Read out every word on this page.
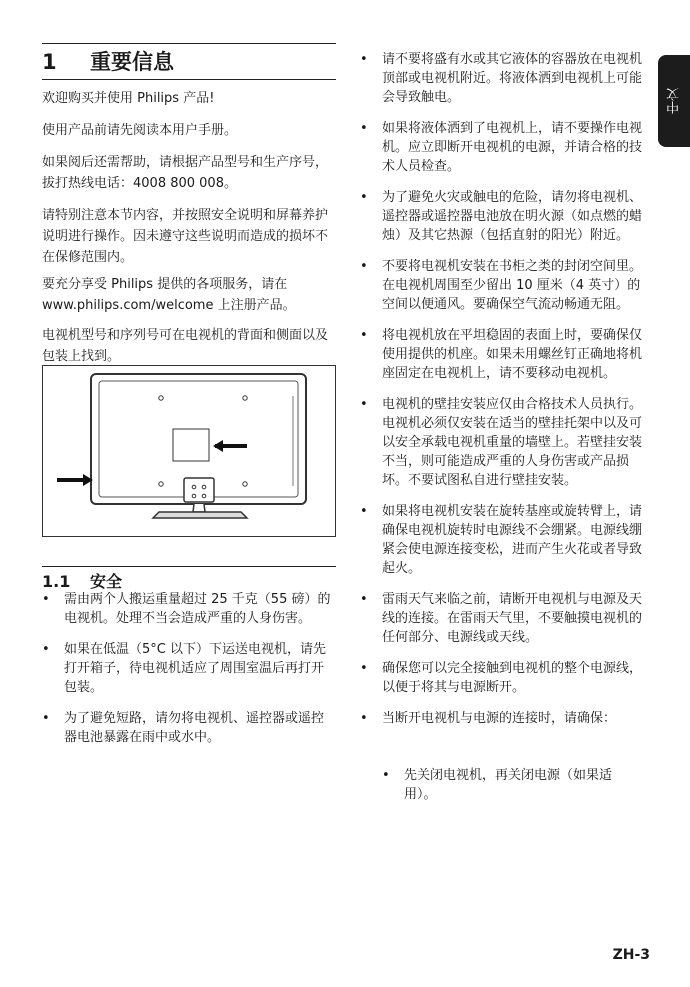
中文
1 重要信息

欢迎购买并使用 Philips 产品!

使用产品前请先阅读本用户手册。

如果阅后还需帮助，请根据产品型号和生产序号，拔打热线电话：4008 800 008。

请特别注意本节内容，并按照安全说明和屏幕养护说明进行操作。因未遵守这些说明而造成的损坏不在保修范围内。

要充分享受 Philips 提供的各项服务，请在 www.philips.com/welcome 上注册产品。

电视机型号和序列号可在电视机的背面和侧面以及包装上找到。

1.1 安全
• 需由两个人搬运重量超过 25 千克（55 磅）的电视机。处理不当会造成严重的人身伤害。
• 如果在低温（5°C 以下）下运送电视机，请先打开箱子，待电视机适应了周围室温后再打开包装。
• 为了避免短路，请勿将电视机、遥控器或遥控器电池暴露在雨中或水中。
• 请不要将盛有水或其它液体的容器放在电视机顶部或电视机附近。将液体洒到电视机上可能会导致触电。
• 如果将液体洒到了电视机上，请不要操作电视机。应立即断开电视机的电源，并请合格的技术人员检查。
• 为了避免火灾或触电的危险，请勿将电视机、遥控器或遥控器电池放在明火源（如点燃的蜡烛）及其它热源（包括直射的阳光）附近。
• 不要将电视机安装在书柜之类的封闭空间里。在电视机周围至少留出 10 厘米（4 英寸）的空间以便通风。要确保空气流动畅通无阻。
• 将电视机放在平坦稳固的表面上时，要确保仅使用提供的机座。如果未用螺丝钉正确地将机座固定在电视机上，请不要移动电视机。
• 电视机的壁挂安装应仅由合格技术人员执行。电视机必须仅安装在适当的壁挂托架中以及可以安全承载电视机重量的墙壁上。若壁挂安装不当，则可能造成严重的人身伤害或产品损坏。不要试图私自进行壁挂安装。
• 如果将电视机安装在旋转基座或旋转臂上，请确保电视机旋转时电源线不会绷紧。电源线绷紧会使电源连接变松，进而产生火花或者导致起火。
• 雷雨天气来临之前，请断开电视机与电源及天线的连接。在雷雨天气里，不要触摸电视机的任何部分、电源线或天线。
• 确保您可以完全接触到电视机的整个电源线，以便于将其与电源断开。
• 当断开电视机与电源的连接时，请确保：
• 先关闭电视机，再关闭电源（如果适用）。
ZH-3
